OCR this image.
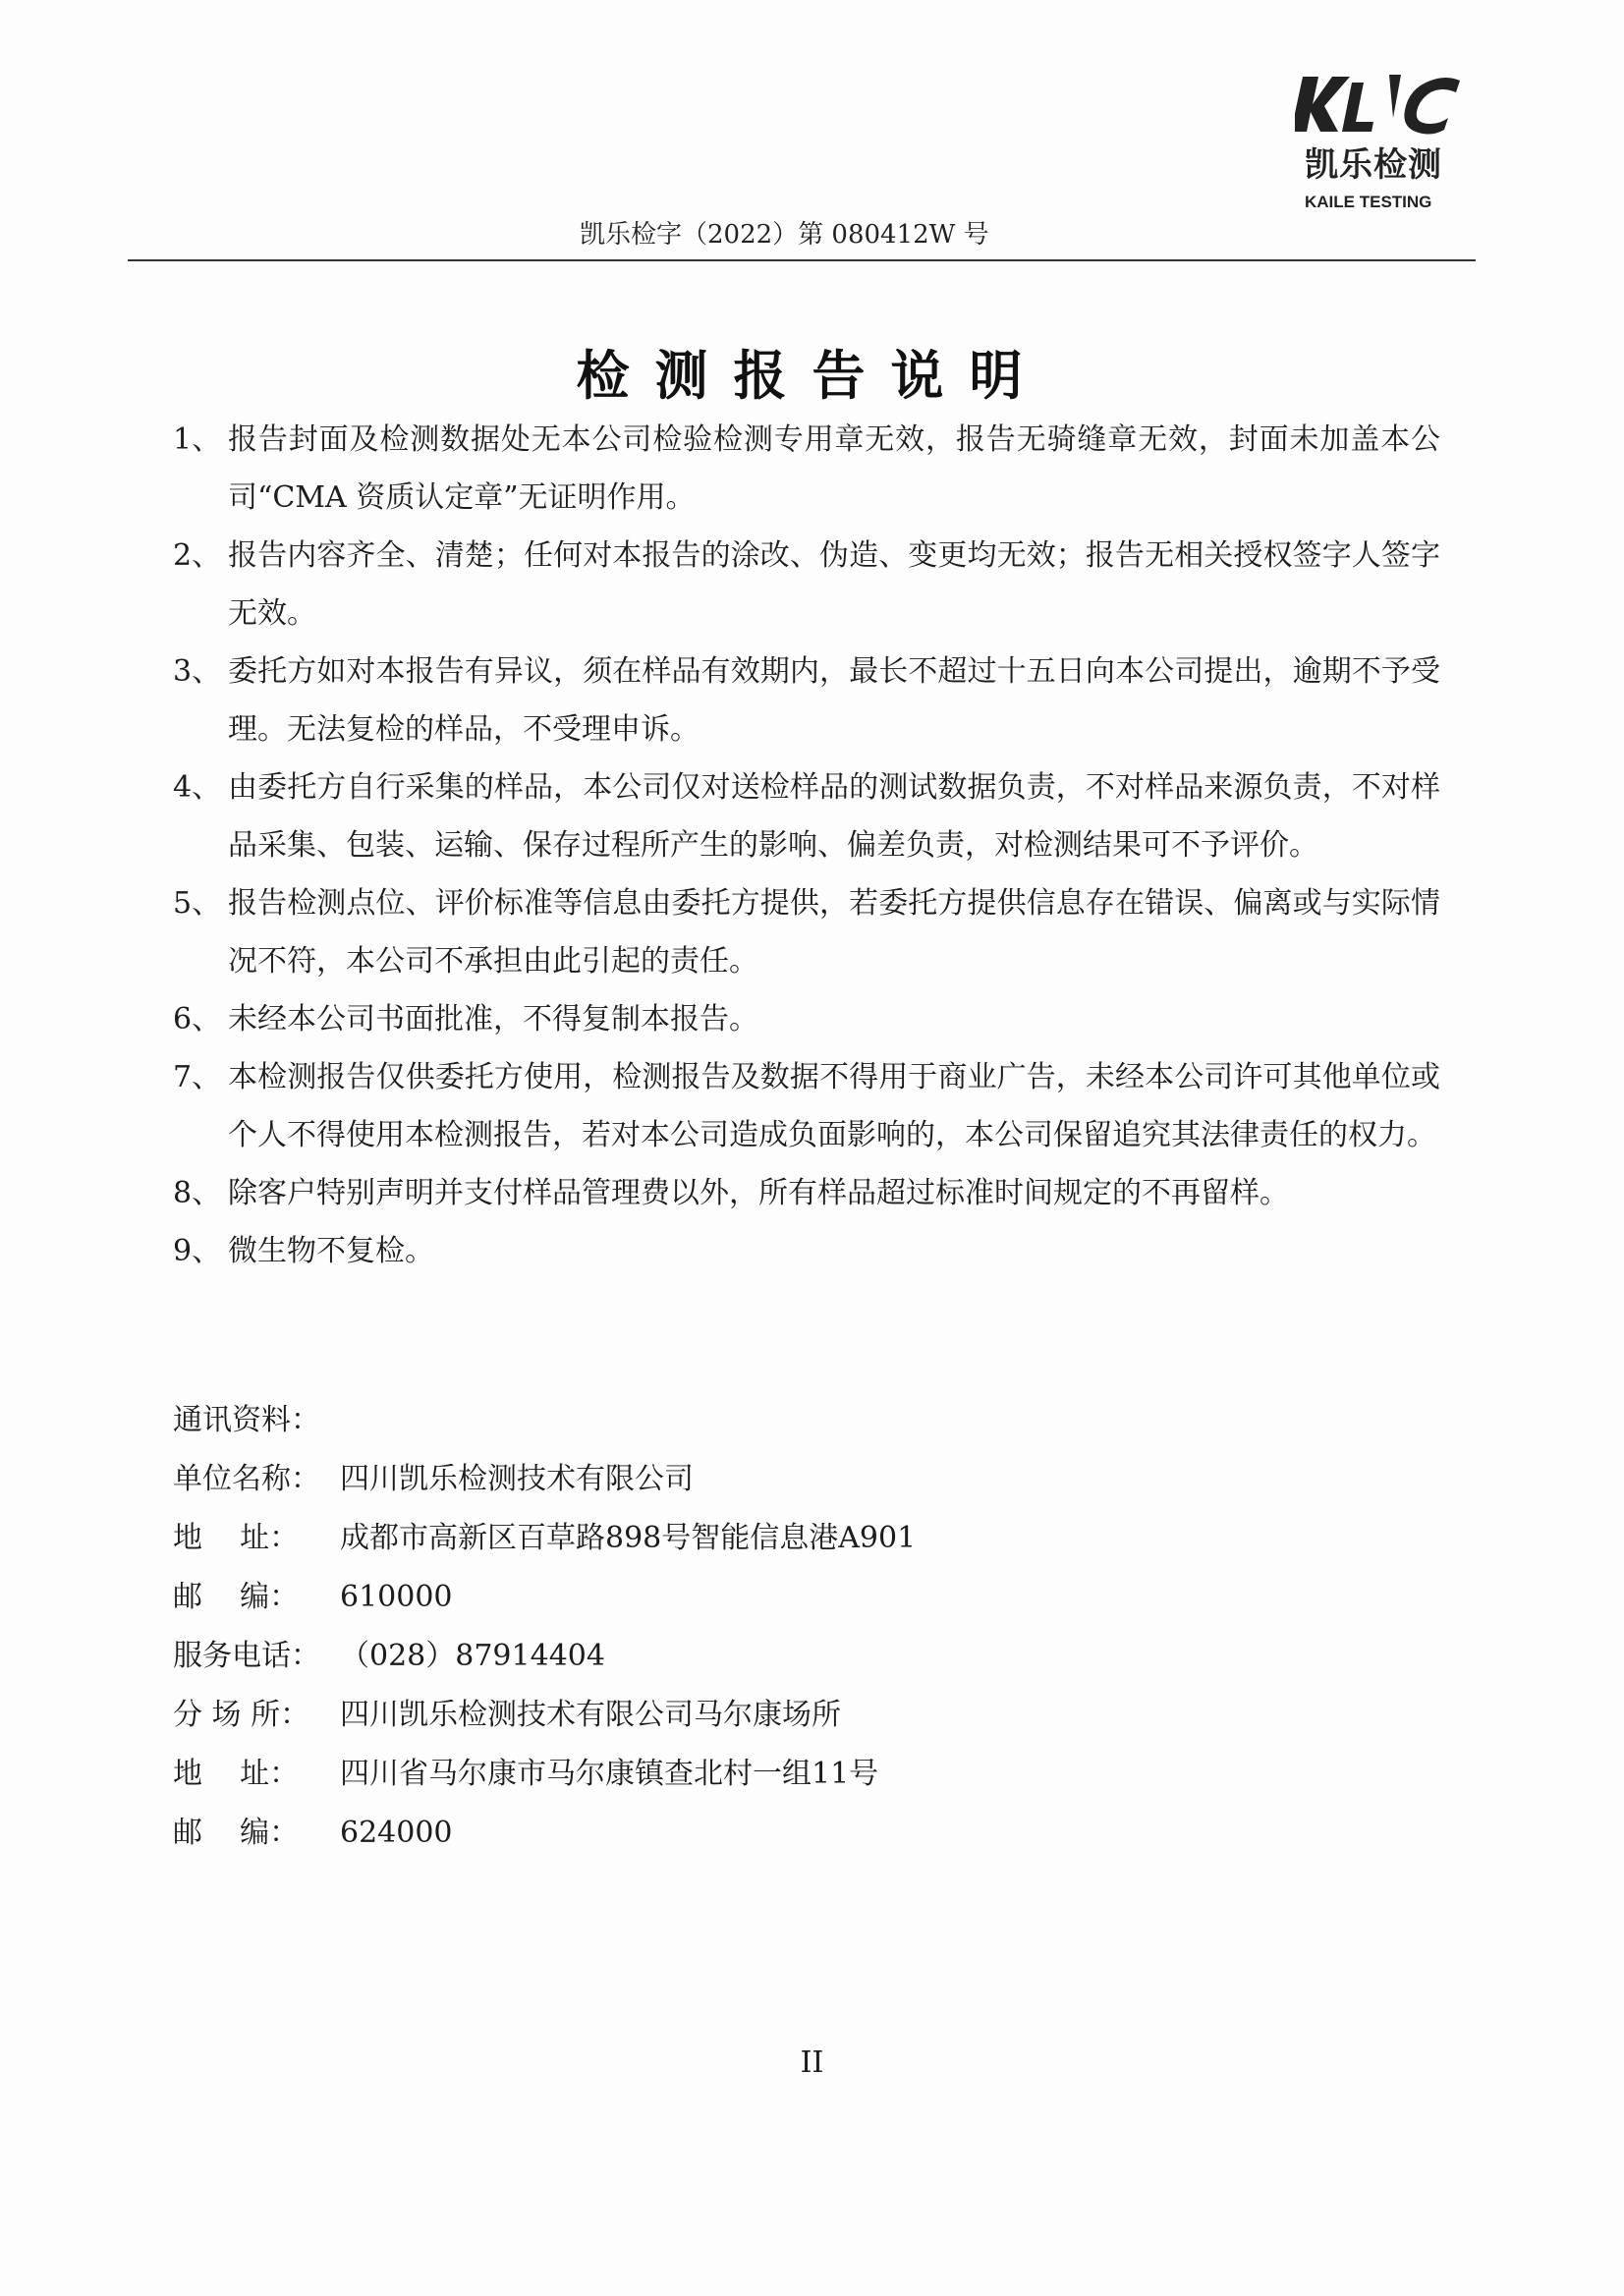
凯乐检测
KAILE TESTING
凯乐检字（2022）第 080412W 号
检测报告说明
1、 报告封面及检测数据处无本公司检验检测专用章无效，报告无骑缝章无效，封面未加盖本公司“CMA 资质认定章”无证明作用。
2、 报告内容齐全、清楚；任何对本报告的涂改、伪造、变更均无效；报告无相关授权签字人签字无效。
3、 委托方如对本报告有异议，须在样品有效期内，最长不超过十五日向本公司提出，逾期不予受理。无法复检的样品，不受理申诉。
4、 由委托方自行采集的样品，本公司仅对送检样品的测试数据负责，不对样品来源负责，不对样品采集、包装、运输、保存过程所产生的影响、偏差负责，对检测结果可不予评价。
5、 报告检测点位、评价标准等信息由委托方提供，若委托方提供信息存在错误、偏离或与实际情况不符，本公司不承担由此引起的责任。
6、 未经本公司书面批准，不得复制本报告。
7、 本检测报告仅供委托方使用，检测报告及数据不得用于商业广告，未经本公司许可其他单位或个人不得使用本检测报告，若对本公司造成负面影响的，本公司保留追究其法律责任的权力。
8、 除客户特别声明并支付样品管理费以外，所有样品超过标准时间规定的不再留样。
9、 微生物不复检。
通讯资料：
单位名称： 四川凯乐检测技术有限公司
地    址：	成都市高新区百草路898号智能信息港A901
邮    编：	610000
服务电话： （028）87914404
分 场 所：	四川凯乐检测技术有限公司马尔康场所
地    址：	四川省马尔康市马尔康镇查北村一组11号
邮    编：	624000
II
